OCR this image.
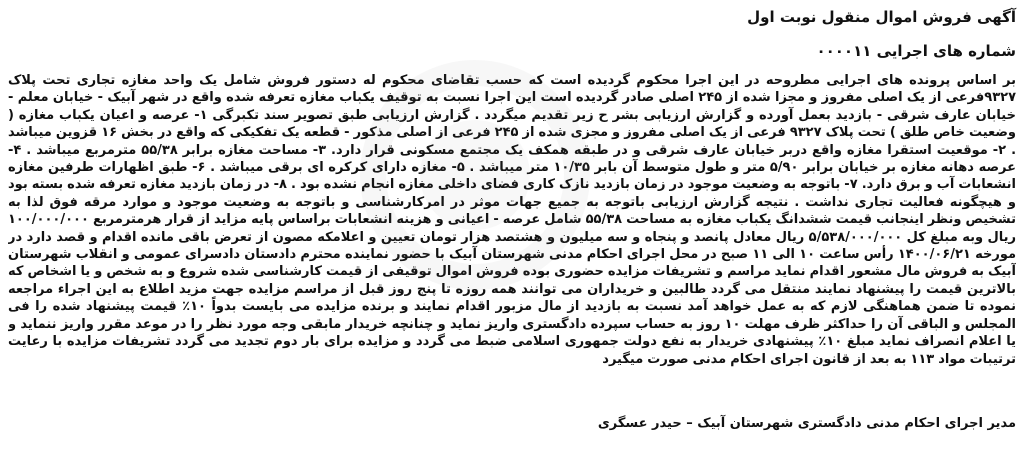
آگهی فروش اموال منقول نوبت اول
شماره های اجرایی ۰۰۰۰۱۱

بر اساس پرونده های اجرایی مطروحه در این اجرا محکوم گردیده است که حسب تقاضای محکوم له دستور فروش شامل یک واحد مغازه تجاری تحت پلاک ۹۳۲۷فرعی از یک اصلی مفروز و مجزا شده از ۲۴۵ اصلی صادر گردیده است این اجرا نسبت به توقیف یکباب مغازه تعرفه شده واقع در شهر آبیک - خیابان معلم - خیابان عارف شرقی - بازدید بعمل آورده و گزارش ارزیابی بشر ح زیر تقدیم میگردد . گزارش ارزیابی طبق تصویر سند تکبرگی ۱- عرصه و اعیان یکباب مغازه ( وضعیت خاص طلق ) تحت پلاک ۹۳۲۷ فرعی از یک اصلی مفروز و مجزی شده از ۲۴۵ فرعی از اصلی مذکور - قطعه یک تفکیکی که واقع در بخش ۱۶ قزوین میباشد . ۲- موقعیت استقرا مغازه واقع دربر خیابان عارف شرقی و در طبقه همکف یک مجتمع مسکونی قرار دارد. ۳- مساحت مغازه برابر ۵۵/۳۸ مترمربع میباشد . ۴- عرصه دهانه مغازه بر خیابان برابر ۵/۹۰ متر و طول متوسط آن بابر ۱۰/۳۵ متر میباشد . ۵- مغازه دارای کرکره ای برقی میباشد . ۶- طبق اظهارات طرفین مغازه انشعابات آب و برق دارد. ۷- باتوجه به وضعیت موجود در زمان بازدید نازک کاری فضای داخلی مغازه انجام نشده بود . ۸- در زمان بازدید مغازه تعرفه شده بسته بود و هیچگونه فعالیت تجاری نداشت . نتیجه گزارش ارزیابی باتوجه به جمیع جهات موثر در امرکارشناسی و باتوجه به وضعیت موجود و موارد مرقه فوق لذا به تشخیص ونظر اینجانب قیمت ششدانگ یکباب مغازه به مساحت ۵۵/۳۸ شامل عرصه - اعیانی و هزینه انشعابات براساس پایه مزاید از قرار هرمترمربع ۱۰۰/۰۰۰/۰۰۰ ریال وبه مبلغ کل ۵/۵۳۸/۰۰۰/۰۰۰ ریال معادل پانصد و پنجاه و سه میلیون و هشتصد هزار تومان تعیین و اعلامکه مصون از تعرض باقی مانده اقدام و قصد دارد در مورخه ۱۴۰۰/۰۶/۲۱ رأس ساعت ۱۰ الی ۱۱ صبح در محل اجرای احکام مدنی شهرستان آبیک با حضور نماینده محترم دادستان دادسرای عمومی و انقلاب شهرستان آبیک به فروش مال مشعور اقدام نماید مراسم و تشریفات مزایده حضوری بوده فروش اموال توقیفی از قیمت کارشناسی شده شروع و به شخص و یا اشخاص که بالاترین قیمت را پیشنهاد نمایند منتقل می گردد طالبین و خریداران می توانند همه روزه تا پنج روز قبل از مراسم مزایده جهت مزید اطلاع به این اجراء مراجعه نموده تا ضمن هماهنگی لازم که به عمل خواهد آمد نسبت به بازدید از مال مزبور اقدام نمایند و برنده مزایده می بایست بدواً ۱۰٪ قیمت پیشنهاد شده را فی المجلس و الباقی آن را حداکثر ظرف مهلت ۱۰ روز به حساب سپرده دادگستری واریز نماید و چنانچه خریدار مابقی وجه مورد نظر را در موعد مقرر واریز ننماید و یا اعلام انصراف نماید مبلغ ۱۰٪ پیشنهادی خریدار به نفع دولت جمهوری اسلامی ضبط می گردد و مزایده برای بار دوم تجدید می گردد تشریفات مزایده با رعایت ترتیبات مواد ۱۱۳ به بعد از قانون اجرای احکام مدنی صورت میگیرد

مدیر اجرای احکام مدنی دادگستری شهرستان آبیک – حیدر عسگری
